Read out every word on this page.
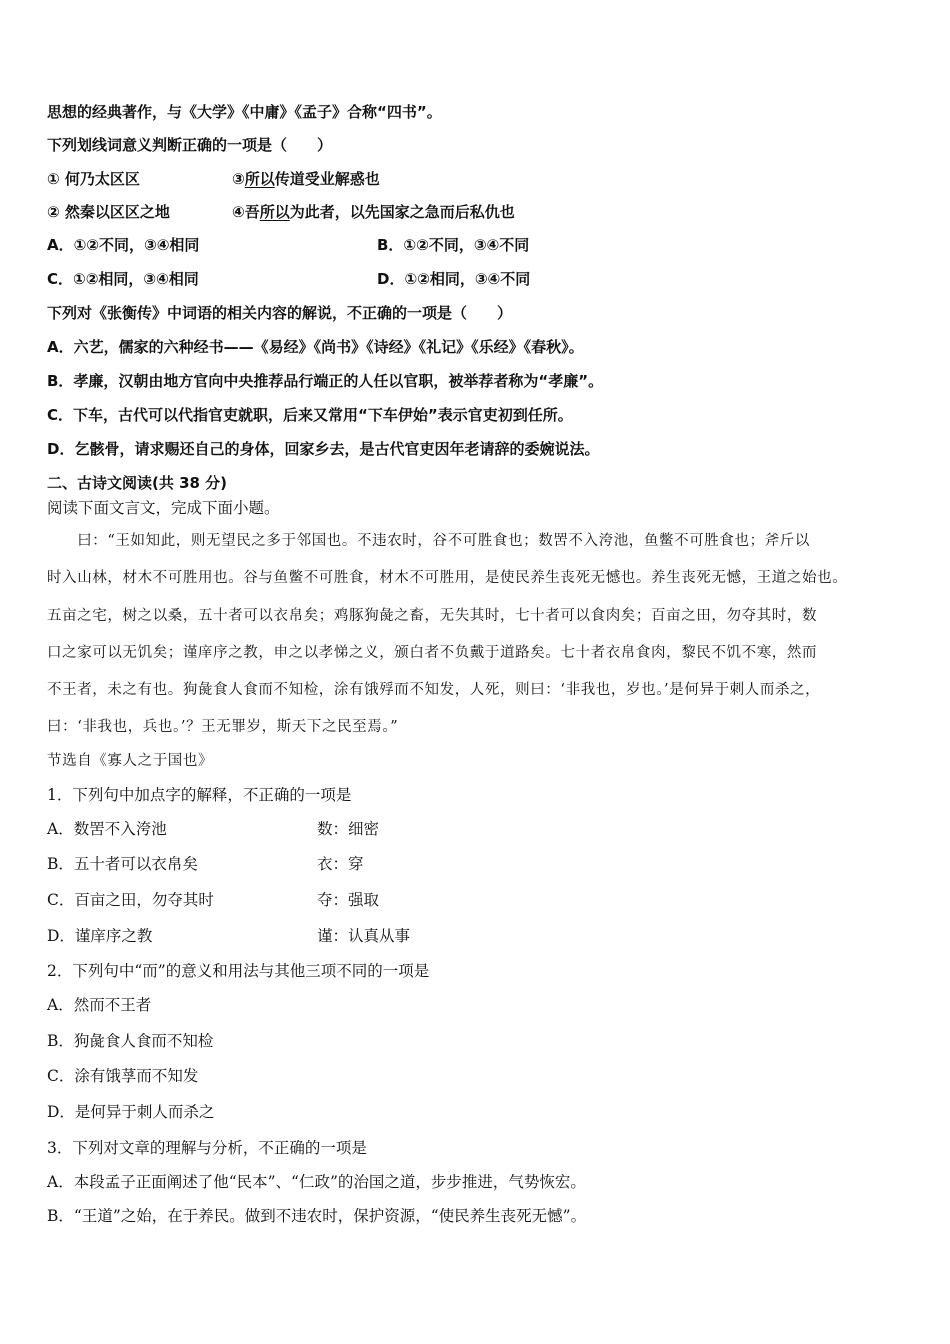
思想的经典著作，与《大学》《中庸》《孟子》合称“四书”。
下列划线词意义判断正确的一项是（　　）
① 何乃太区区	③所以传道受业解惑也
② 然秦以区区之地	④吾所以为此者，以先国家之急而后私仇也
A．①②不同，③④相同	B．①②不同，③④不同
C．①②相同，③④相同	D．①②相同，③④不同
下列对《张衡传》中词语的相关内容的解说，不正确的一项是（　　）
A．六艺，儒家的六种经书——《易经》《尚书》《诗经》《礼记》《乐经》《春秋》。
B．孝廉，汉朝由地方官向中央推荐品行端正的人任以官职，被举荐者称为“孝廉”。
C．下车，古代可以代指官吏就职，后来又常用“下车伊始”表示官吏初到任所。
D．乞骸骨，请求赐还自己的身体，回家乡去，是古代官吏因年老请辞的委婉说法。
二、古诗文阅读(共 38 分)
阅读下面文言文，完成下面小题。
　　曰：“王如知此，则无望民之多于邻国也。不违农时，谷不可胜食也；数罟不入洿池，鱼鳖不可胜食也；斧斤以
时入山林，材木不可胜用也。谷与鱼鳖不可胜食，材木不可胜用，是使民养生丧死无憾也。养生丧死无憾，王道之始也。
五亩之宅，树之以桑，五十者可以衣帛矣；鸡豚狗彘之畜，无失其时，七十者可以食肉矣；百亩之田，勿夺其时，数
口之家可以无饥矣；谨庠序之教，申之以孝悌之义，颁白者不负戴于道路矣。七十者衣帛食肉，黎民不饥不寒，然而
不王者，未之有也。狗彘食人食而不知检，涂有饿殍而不知发，人死，则曰：‘非我也，岁也。’是何异于刺人而杀之，
曰：‘非我也，兵也。’？王无罪岁，斯天下之民至焉。”
节选自《寡人之于国也》
1．下列句中加点字的解释，不正确的一项是
A．数罟不入洿池	数：细密
B．五十者可以衣帛矣	衣：穿
C．百亩之田，勿夺其时	夺：强取
D．谨庠序之教	谨：认真从事
2．下列句中“而”的意义和用法与其他三项不同的一项是
A．然而不王者
B．狗彘食人食而不知检
C．涂有饿莩而不知发
D．是何异于刺人而杀之
3．下列对文章的理解与分析，不正确的一项是
A．本段孟子正面阐述了他“民本”、“仁政”的治国之道，步步推进，气势恢宏。
B．“王道”之始，在于养民。做到不违农时，保护资源，“使民养生丧死无憾”。
